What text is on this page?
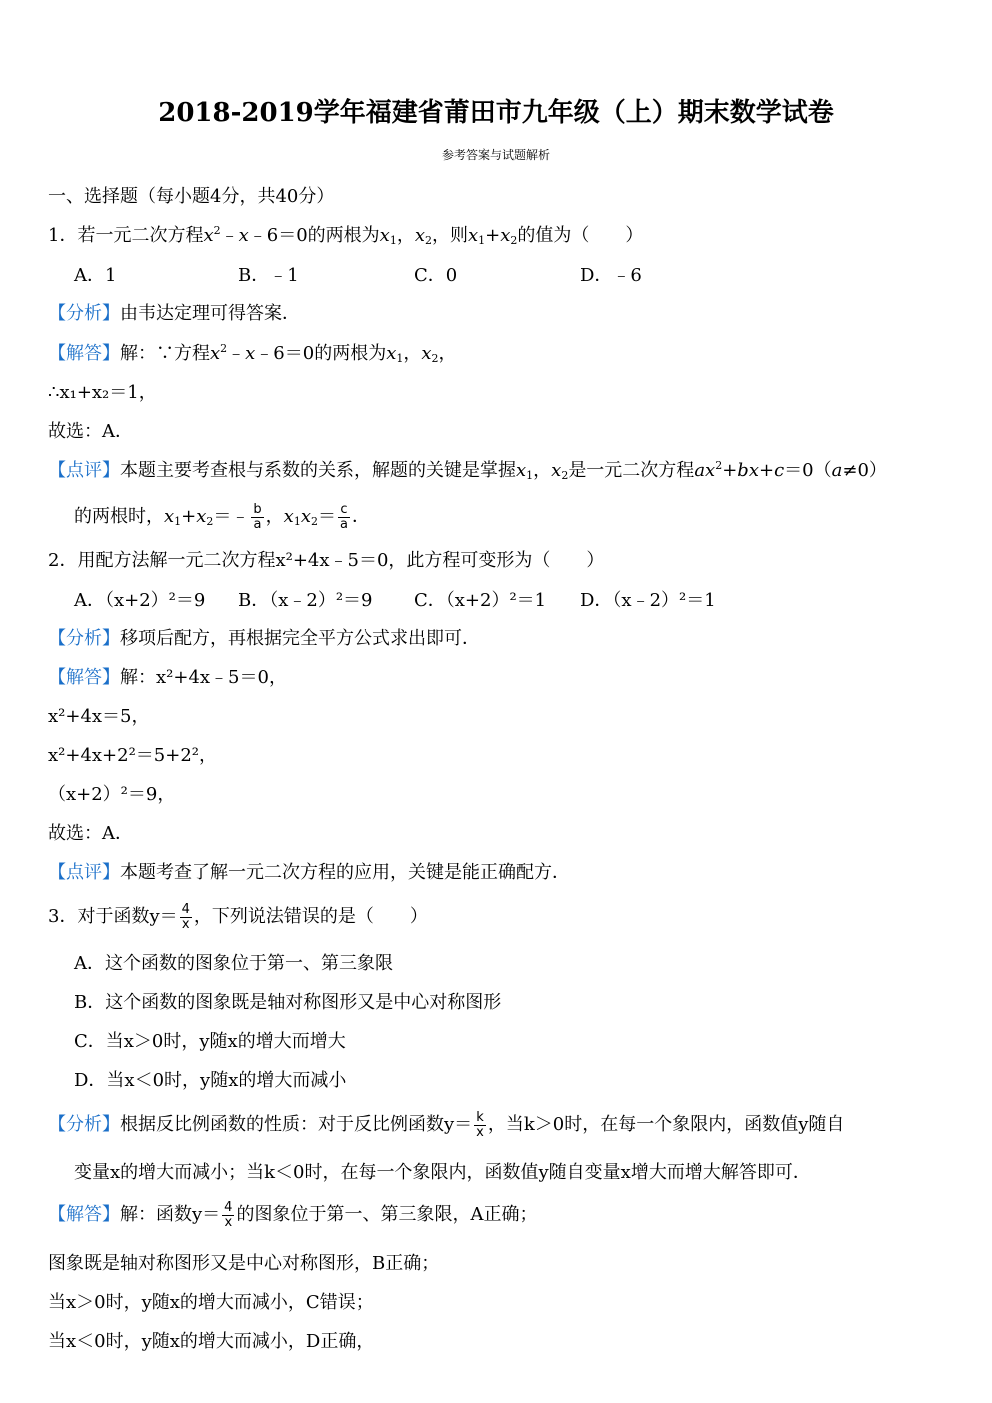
2018-2019学年福建省莆田市九年级（上）期末数学试卷
参考答案与试题解析
一、选择题（每小题4分，共40分）
1．若一元二次方程$x^2﹣x﹣6=0$的两根为$x_1$，$x_2$，则$x_1+x_2$的值为（　　）
A．1	B．﹣1	C．0	D．﹣6
【分析】由韦达定理可得答案．
【解答】解：∵方程$x^2﹣x﹣6=0$的两根为$x_1$，$x_2$，
∴x₁+x₂＝1，
故选：A．
【点评】本题主要考查根与系数的关系，解题的关键是掌握$x_1$，$x_2$是一元二次方程$ax^2+bx+c=0(a\ne 0)$
的两根时，$x_1+x_2=﹣ \frac{b}{a}$ ，$x_1x_2= \frac{c}{a}$ ．
2．用配方法解一元二次方程x²+4x﹣5＝0，此方程可变形为（　　）
A．（x+2）²＝9 B．（x﹣2）²＝9 C．（x+2）²＝1 D．（x﹣2）²＝1
【分析】移项后配方，再根据完全平方公式求出即可．
【解答】解：x²+4x﹣5＝0，
x²+4x＝5，
x²+4x+2²＝5+2²，
（x+2）²＝9，
故选：A．
【点评】本题考查了解一元二次方程的应用，关键是能正确配方．
3．对于函数$y= \frac{4}{x}$ ，下列说法错误的是（　　）
A．这个函数的图象位于第一、第三象限
B．这个函数的图象既是轴对称图形又是中心对称图形
C．当x＞0时，y随x的增大而增大
D．当x＜0时，y随x的增大而减小
【分析】根据反比例函数的性质：对于反比例函数$y= \frac{k}{x}$ ，当k＞0时，在每一个象限内，函数值y随自
变量x的增大而减小；当k＜0时，在每一个象限内，函数值y随自变量x增大而增大解答即可．
【解答】解：函数$y= \frac{4}{x}$ 的图象位于第一、第三象限，A正确；
图象既是轴对称图形又是中心对称图形，B正确；
当x＞0时，y随x的增大而减小，C错误；
当x＜0时，y随x的增大而减小，D正确，
